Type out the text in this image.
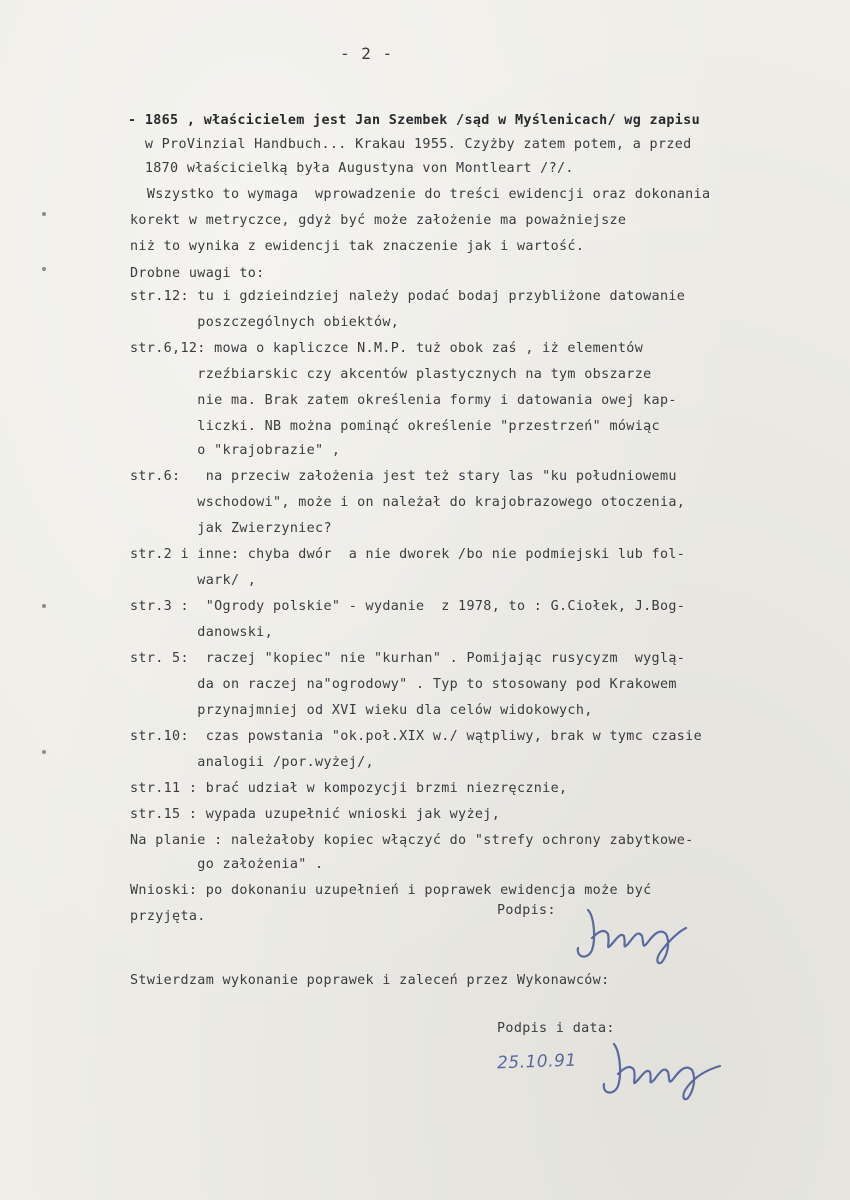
- 2 -
- 1865 , właścicielem jest Jan Szembek /sąd w Myślenicach/ wg zapisu
w ProVinzial Handbuch... Krakau 1955. Czyżby zatem potem, a przed
1870 właścicielką była Augustyna von Montleart /?/.
Wszystko to wymaga  wprowadzenie do treści ewidencji oraz dokonania
korekt w metryczce, gdyż być może założenie ma poważniejsze
niż to wynika z ewidencji tak znaczenie jak i wartość.
Drobne uwagi to:
str.12: tu i gdzieindziej należy podać bodaj przybliżone datowanie
poszczególnych obiektów,
str.6,12: mowa o kapliczce N.M.P. tuż obok zaś , iż elementów
rzeźbiarskic czy akcentów plastycznych na tym obszarze
nie ma. Brak zatem określenia formy i datowania owej kap-
liczki. NB można pominąć określenie "przestrzeń" mówiąc
o "krajobrazie" ,
str.6:   na przeciw założenia jest też stary las "ku południowemu
wschodowi", może i on należał do krajobrazowego otoczenia,
jak Zwierzyniec?
str.2 i inne: chyba dwór  a nie dworek /bo nie podmiejski lub fol-
wark/ ,
str.3 :  "Ogrody polskie" - wydanie  z 1978, to : G.Ciołek, J.Bog-
danowski,
str. 5:  raczej "kopiec" nie "kurhan" . Pomijając rusycyzm  wyglą-
da on raczej na"ogrodowy" . Typ to stosowany pod Krakowem
przynajmniej od XVI wieku dla celów widokowych,
str.10:  czas powstania "ok.poł.XIX w./ wątpliwy, brak w tymc czasie
analogii /por.wyżej/,
str.11 : brać udział w kompozycji brzmi niezręcznie,
str.15 : wypada uzupełnić wnioski jak wyżej,
Na planie : należałoby kopiec włączyć do "strefy ochrony zabytkowe-
go założenia" .
Wnioski: po dokonaniu uzupełnień i poprawek ewidencja może być
przyjęta.	Podpis:
Stwierdzam wykonanie poprawek i zaleceń przez Wykonawców:
Podpis i data:
25.10.91
